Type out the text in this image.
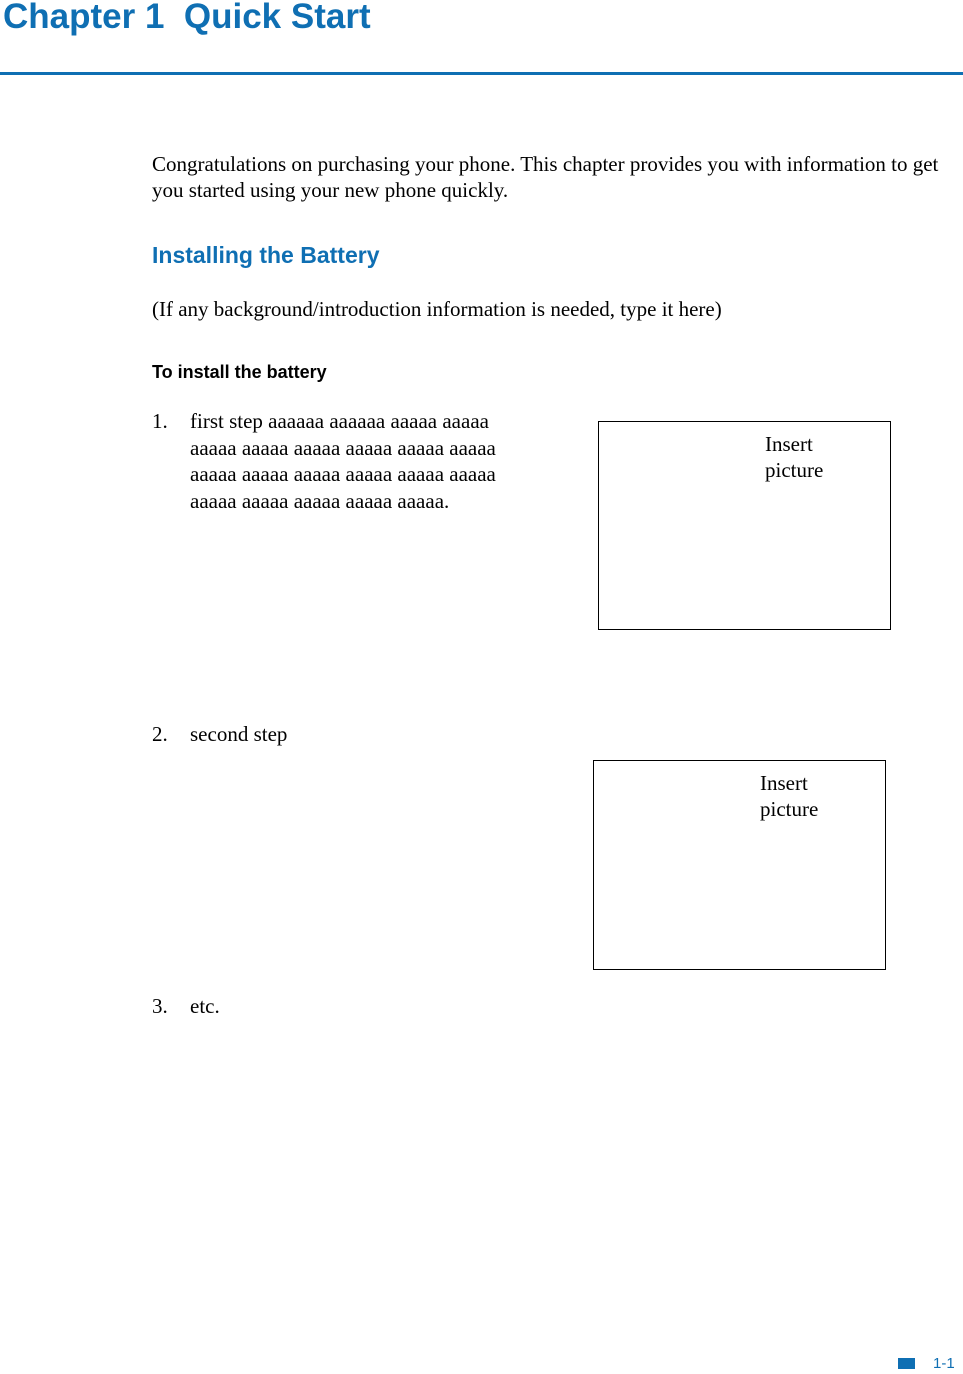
Chapter 1  Quick Start

Congratulations on purchasing your phone. This chapter provides you with information to get you started using your new phone quickly.

Installing the Battery

(If any background/introduction information is needed, type it here)

To install the battery
1. first step aaaaaa aaaaaa aaaaa aaaaa aaaaa aaaaa aaaaa aaaaa aaaaa aaaaa aaaaa aaaaa aaaaa aaaaa aaaaa aaaaa aaaaa aaaaa aaaaa aaaaa aaaaa.
Insert picture
2. second step
Insert picture
3. etc.
1-1
